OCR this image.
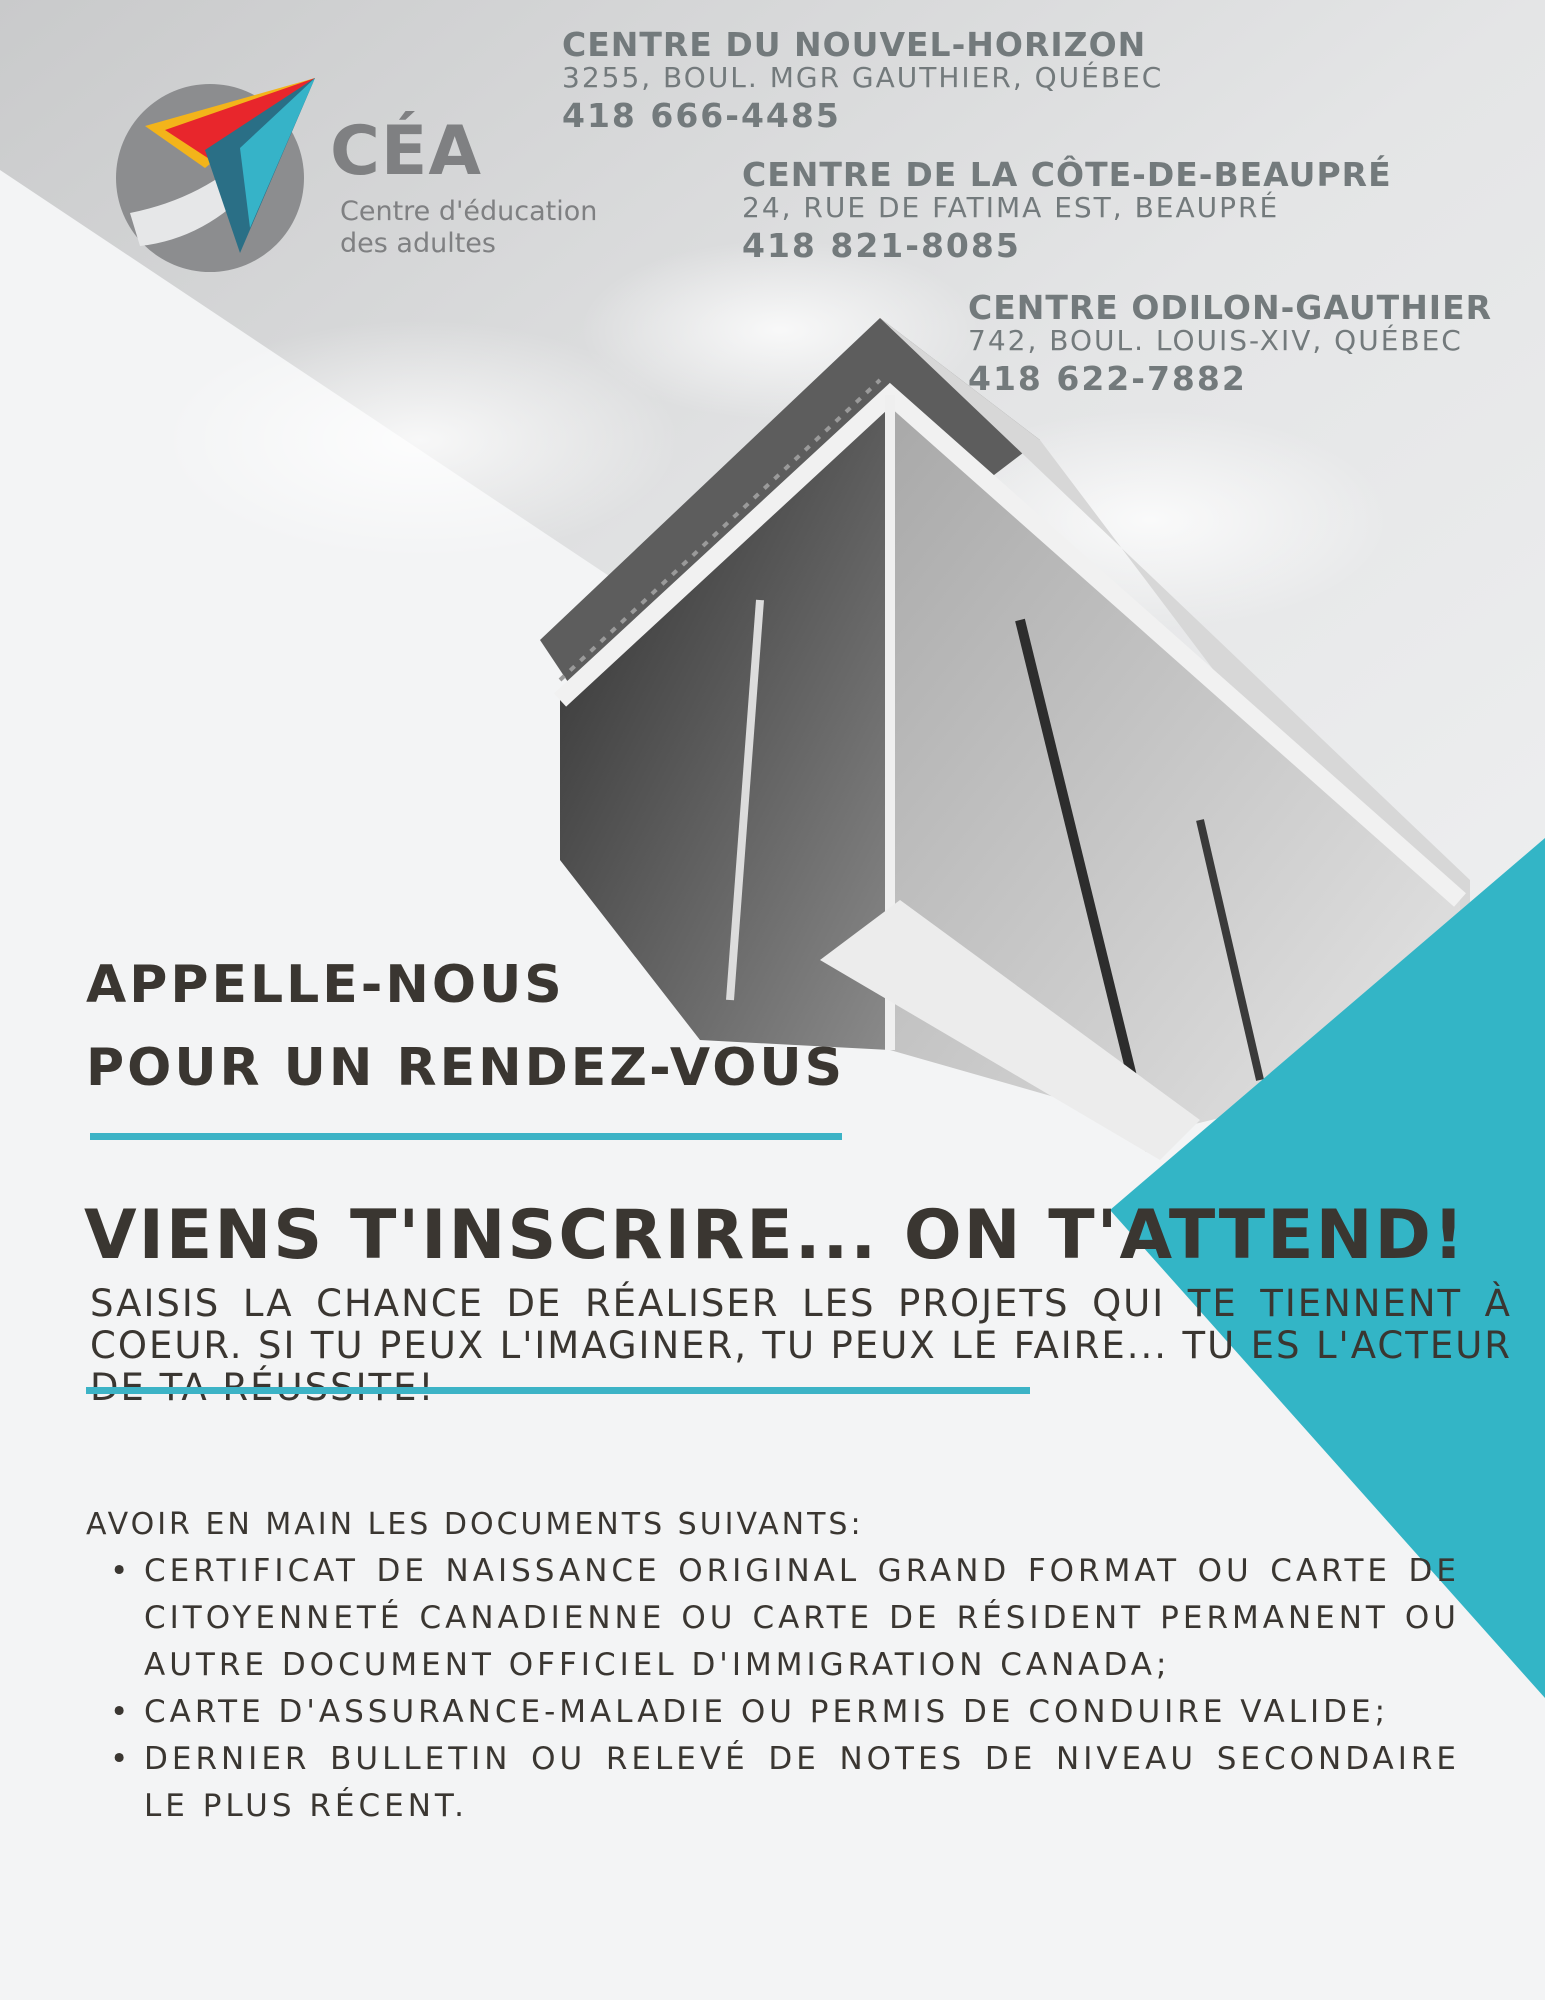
CÉA
Centre d'éducation
des adultes
CENTRE DU NOUVEL-HORIZON
3255, BOUL. MGR GAUTHIER, QUÉBEC
418 666-4485
CENTRE DE LA CÔTE-DE-BEAUPRÉ
24, RUE DE FATIMA EST, BEAUPRÉ
418 821-8085
CENTRE ODILON-GAUTHIER
742, BOUL. LOUIS-XIV, QUÉBEC
418 622-7882
APPELLE-NOUS
POUR UN RENDEZ-VOUS
VIENS T'INSCRIRE... ON T'ATTEND!
SAISIS LA CHANCE DE RÉALISER LES PROJETS QUI TE TIENNENT À COEUR. SI TU PEUX L'IMAGINER, TU PEUX LE FAIRE... TU ES L'ACTEUR
AVOIR EN MAIN LES DOCUMENTS SUIVANTS:
• CERTIFICAT DE NAISSANCE ORIGINAL GRAND FORMAT OU CARTE DE CITOYENNETÉ CANADIENNE OU CARTE DE RÉSIDENT PERMANENT OU AUTRE DOCUMENT OFFICIEL D'IMMIGRATION CANADA;
• CARTE D'ASSURANCE-MALADIE OU PERMIS DE CONDUIRE VALIDE;
• DERNIER BULLETIN OU RELEVÉ DE NOTES DE NIVEAU SECONDAIRE LE PLUS RÉCENT.
